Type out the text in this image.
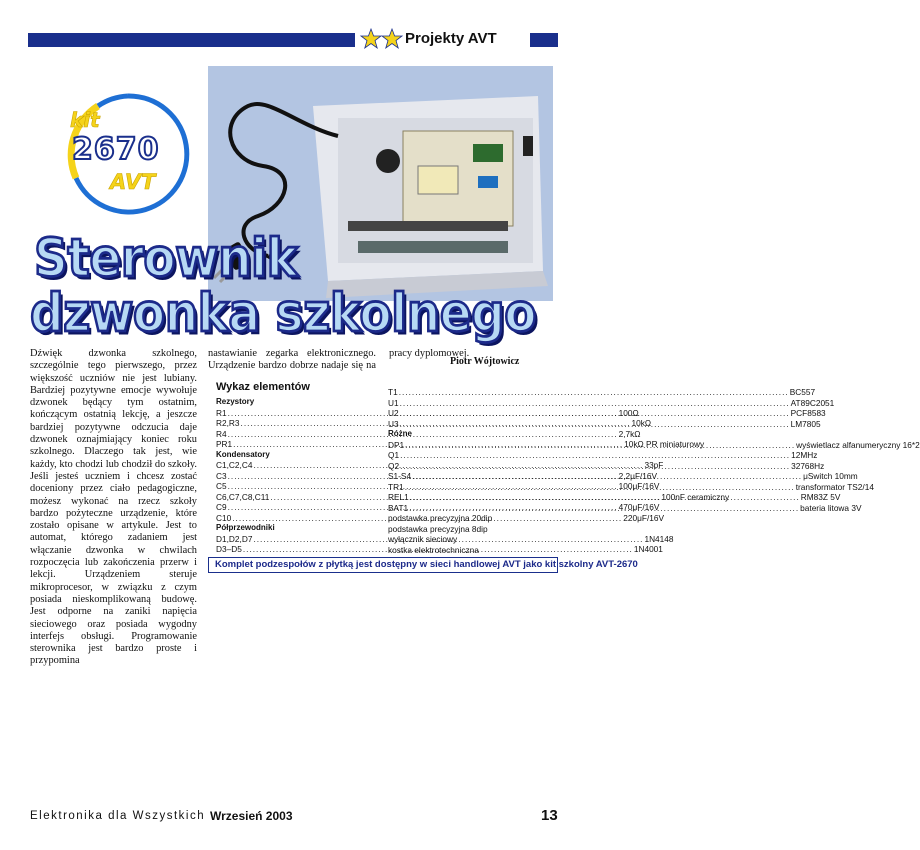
Projekty AVT
kit
2670
AVT
Sterownik
dzwonka szkolnego
Dźwięk dzwonka szkolnego, szczególnie tego pierwszego, przez większość uczniów nie jest lubiany. Bardziej pozytywne emocje wywołuje dzwonek będący tym ostatnim, kończącym ostatnią lekcję, a jeszcze bardziej pozytywne odczucia daje dzwonek oznajmiający koniec roku szkolnego. Dlaczego tak jest, wie każdy, kto chodzi lub chodził do szkoły. Jeśli jesteś uczniem i chcesz zostać doceniony przez ciało pedagogiczne, możesz wykonać na rzecz szkoły bardzo pożyteczne urządzenie, które zostało opisane w artykule. Jest to automat, którego zadaniem jest włączanie dzwonka w chwilach rozpoczęcia lub zakończenia przerw i lekcji. Urządzeniem steruje mikroprocesor, w związku z czym posiada nieskomplikowaną budowę. Jest odporne na zaniki napięcia sieciowego oraz posiada wygodny interfejs obsługi. Programowanie sterownika jest bardzo proste i przypomina
nastawianie zegarka elektronicznego. Urządzenie bardzo dobrze nadaje się na
pracy dyplomowej.
Piotr Wójtowicz
Wykaz elementów
Rezystory
R1 .....	100Ω
R2,R3 .....	10kΩ
R4 .....	2,7kΩ
PR1 .....	10kΩ PR miniaturowy
Kondensatory
C1,C2,C4 .....	33pF
C3 .....	2,2μF/16V
C5 .....	100μF/16V
C6,C7,C8,C11 .....	100nF ceramiczny
C9 .....	470μF/16V
C10 .....	220μF/16V
Półprzewodniki
D1,D2,D7 .....	1N4148
D3–D5 .....	1N4001
T1 .....	BC557
U1 .....	AT89C2051
U2 .....	PCF8583
U3 .....	LM7805
Różne
DP1 .....	wyświetlacz alfanumeryczny 16*2
Q1 .....	12MHz
Q2 .....	32768Hz
S1-S4 .....	μSwitch 10mm
TR1 .....	transformator TS2/14
REL1 .....	RM83Z 5V
BAT1 .....	bateria litowa 3V
podstawka precyzyjna 20dip
podstawka precyzyjna 8dip
wyłącznik sieciowy
kostka elektrotechniczna
Komplet podzespołów z płytką jest dostępny w sieci handlowej AVT jako kit szkolny AVT-2670
Elektronika dla Wszystkich Wrzesień 2003	13
